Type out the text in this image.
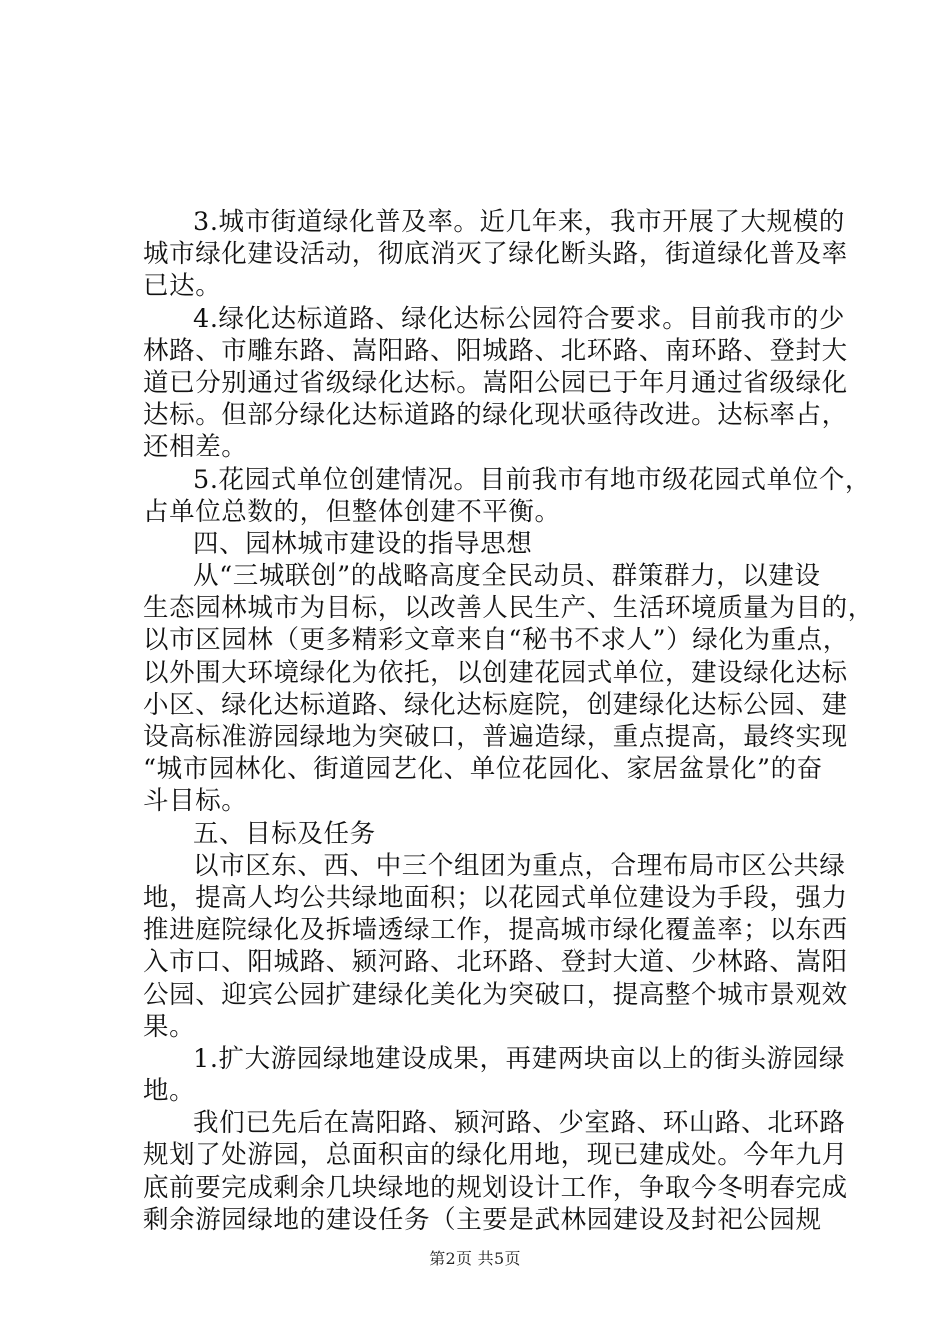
3.城市街道绿化普及率。近几年来，我市开展了大规模的
城市绿化建设活动，彻底消灭了绿化断头路，街道绿化普及率
已达。
4.绿化达标道路、绿化达标公园符合要求。目前我市的少
林路、市雕东路、嵩阳路、阳城路、北环路、南环路、登封大
道已分别通过省级绿化达标。嵩阳公园已于年月通过省级绿化
达标。但部分绿化达标道路的绿化现状亟待改进。达标率占，
还相差。
5.花园式单位创建情况。目前我市有地市级花园式单位个，
占单位总数的，但整体创建不平衡。
四、园林城市建设的指导思想
从“三城联创”的战略高度全民动员、群策群力，以建设
生态园林城市为目标，以改善人民生产、生活环境质量为目的，
以市区园林（更多精彩文章来自“秘书不求人”）绿化为重点，
以外围大环境绿化为依托，以创建花园式单位，建设绿化达标
小区、绿化达标道路、绿化达标庭院，创建绿化达标公园、建
设高标准游园绿地为突破口，普遍造绿，重点提高，最终实现
“城市园林化、街道园艺化、单位花园化、家居盆景化”的奋
斗目标。
五、目标及任务
以市区东、西、中三个组团为重点，合理布局市区公共绿
地，提高人均公共绿地面积；以花园式单位建设为手段，强力
推进庭院绿化及拆墙透绿工作，提高城市绿化覆盖率；以东西
入市口、阳城路、颍河路、北环路、登封大道、少林路、嵩阳
公园、迎宾公园扩建绿化美化为突破口，提高整个城市景观效
果。
1.扩大游园绿地建设成果，再建两块亩以上的街头游园绿
地。
我们已先后在嵩阳路、颍河路、少室路、环山路、北环路
规划了处游园，总面积亩的绿化用地，现已建成处。今年九月
底前要完成剩余几块绿地的规划设计工作，争取今冬明春完成
剩余游园绿地的建设任务（主要是武林园建设及封祀公园规
第2页 共5页
